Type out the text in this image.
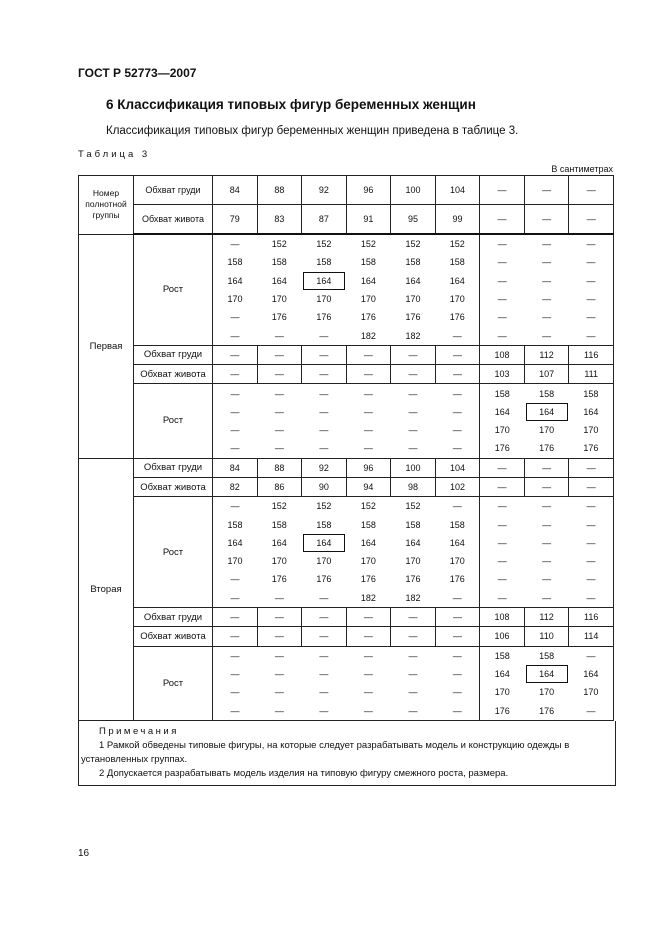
ГОСТ Р 52773—2007
6 Классификация типовых фигур беременных женщин
Классификация типовых фигур беременных женщин приведена в таблице 3.
Таблица 3
В сантиметрах
Номер полнотной группы	Обхват груди	84	88	92	96	100	104	—	—	—
	Обхват живота	79	83	87	91	95	99	—	—	—
Первая	Рост	—	152	152	152	152	152	—	—	—
		158	158	158	158	158	158	—	—	—
		164	164	164	164	164	164	—	—	—
		170	170	170	170	170	170	—	—	—
		—	176	176	176	176	176	—	—	—
		—	—	—	182	182	—	—	—	—
	Обхват груди	—	—	—	—	—	—	108	112	116
	Обхват живота	—	—	—	—	—	—	103	107	111
	Рост	—	—	—	—	—	—	158	158	158
		—	—	—	—	—	—	164	164	164
		—	—	—	—	—	—	170	170	170
		—	—	—	—	—	—	176	176	176
Вторая	Обхват груди	84	88	92	96	100	104	—	—	—
	Обхват живота	82	86	90	94	98	102	—	—	—
	Рост	—	152	152	152	152	—	—	—	—
		158	158	158	158	158	158	—	—	—
		164	164	164	164	164	164	—	—	—
		170	170	170	170	170	170	—	—	—
		—	176	176	176	176	176	—	—	—
		—	—	—	182	182	—	—	—	—
	Обхват груди	—	—	—	—	—	—	108	112	116
	Обхват живота	—	—	—	—	—	—	106	110	114
	Рост	—	—	—	—	—	—	158	158	—
		—	—	—	—	—	—	164	164	164
		—	—	—	—	—	—	170	170	170
		—	—	—	—	—	—	176	176	—
Примечания
1 Рамкой обведены типовые фигуры, на которые следует разрабатывать модель и конструкцию одежды в установленных группах.
2 Допускается разрабатывать модель изделия на типовую фигуру смежного роста, размера.
16
